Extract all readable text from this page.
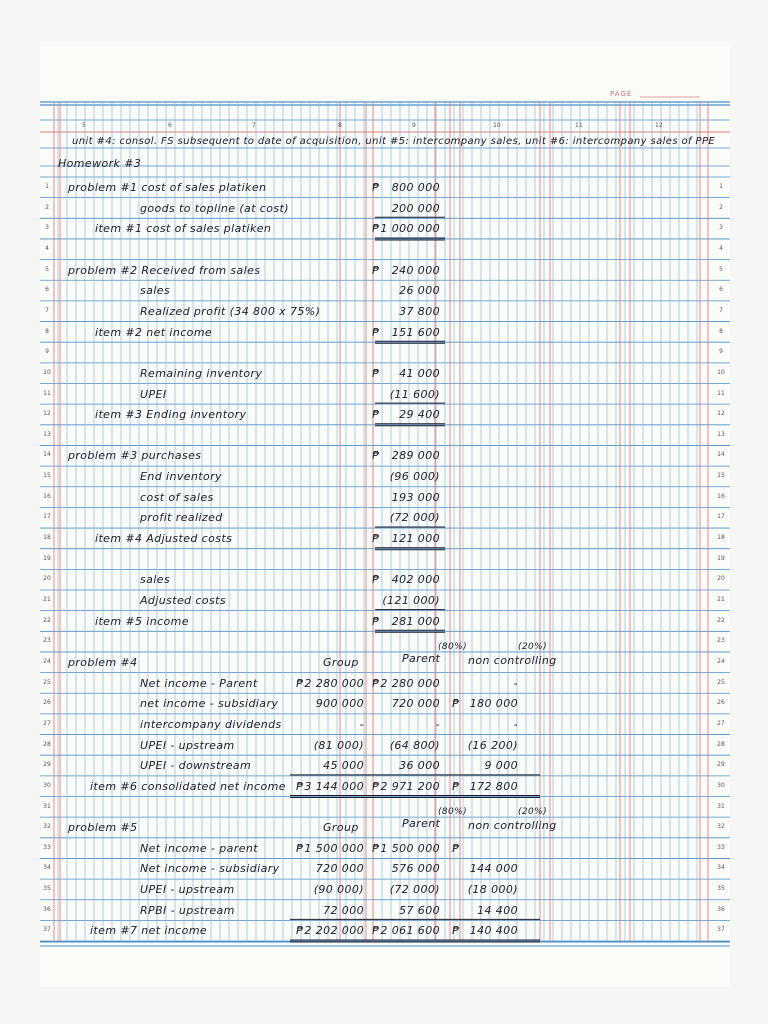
PAGE
5	6	7	8	9	10	11	12
1	1
2	2
3	3
4	4
5	5
6	6
7	7
8	8
9	9
10	10
11	11
12	12
13	13
14	14
15	15
16	16
17	17
18	18
19	19
20	20
21	21
22	22
23	23
24	24
25	25
26	26
27	27
28	28
29	29
30	30
31	31
32	32
33	33
34	34
35	35
36	36
37	37
unit #4: consol. FS subsequent to date of acquisition, unit #5: intercompany sales, unit #6: intercompany sales of PPE
Homework #3
problem #1 cost of sales platiken	₱	800 000
goods to topline (at cost)	200 000
item #1 cost of sales platiken	₱ 1 000 000
problem #2 Received from sales	₱	240 000
sales	26 000
Realized profit (34 800 x 75%)	37 800
item #2 net income	₱	151 600
Remaining inventory	₱	41 000
UPEI	(11 600)
item #3 Ending inventory	₱	29 400
problem #3 purchases	₱	289 000
End inventory	(96 000)
cost of sales	193 000
profit realized	(72 000)
item #4 Adjusted costs	₱	121 000
sales	₱	402 000
Adjusted costs	(121 000)
item #5 income	₱	281 000
problem #4
(80%)	(20%)
Group	Parent	non controlling
Net income - Parent	₱ 2 280 000 ₱ 2 280 000	-
net income - subsidiary	900 000	720 000 ₱ 180 000
intercompany dividends	-	-	-
UPEI - upstream	(81 000)	(64 800)	(16 200)
UPEI - downstream	45 000	36 000	9 000
item #6 consolidated net income ₱ 3 144 000 ₱ 2 971 200 ₱ 172 800
problem #5
(80%)	(20%)
Group	Parent	non controlling
Net income - parent	₱ 1 500 000 ₱ 1 500 000 ₱
Net income - subsidiary	720 000	576 000	144 000
UPEI - upstream	(90 000)	(72 000)	(18 000)
RPBI - upstream	72 000	57 600	14 400
item #7 net income	₱ 2 202 000 ₱ 2 061 600 ₱ 140 400
